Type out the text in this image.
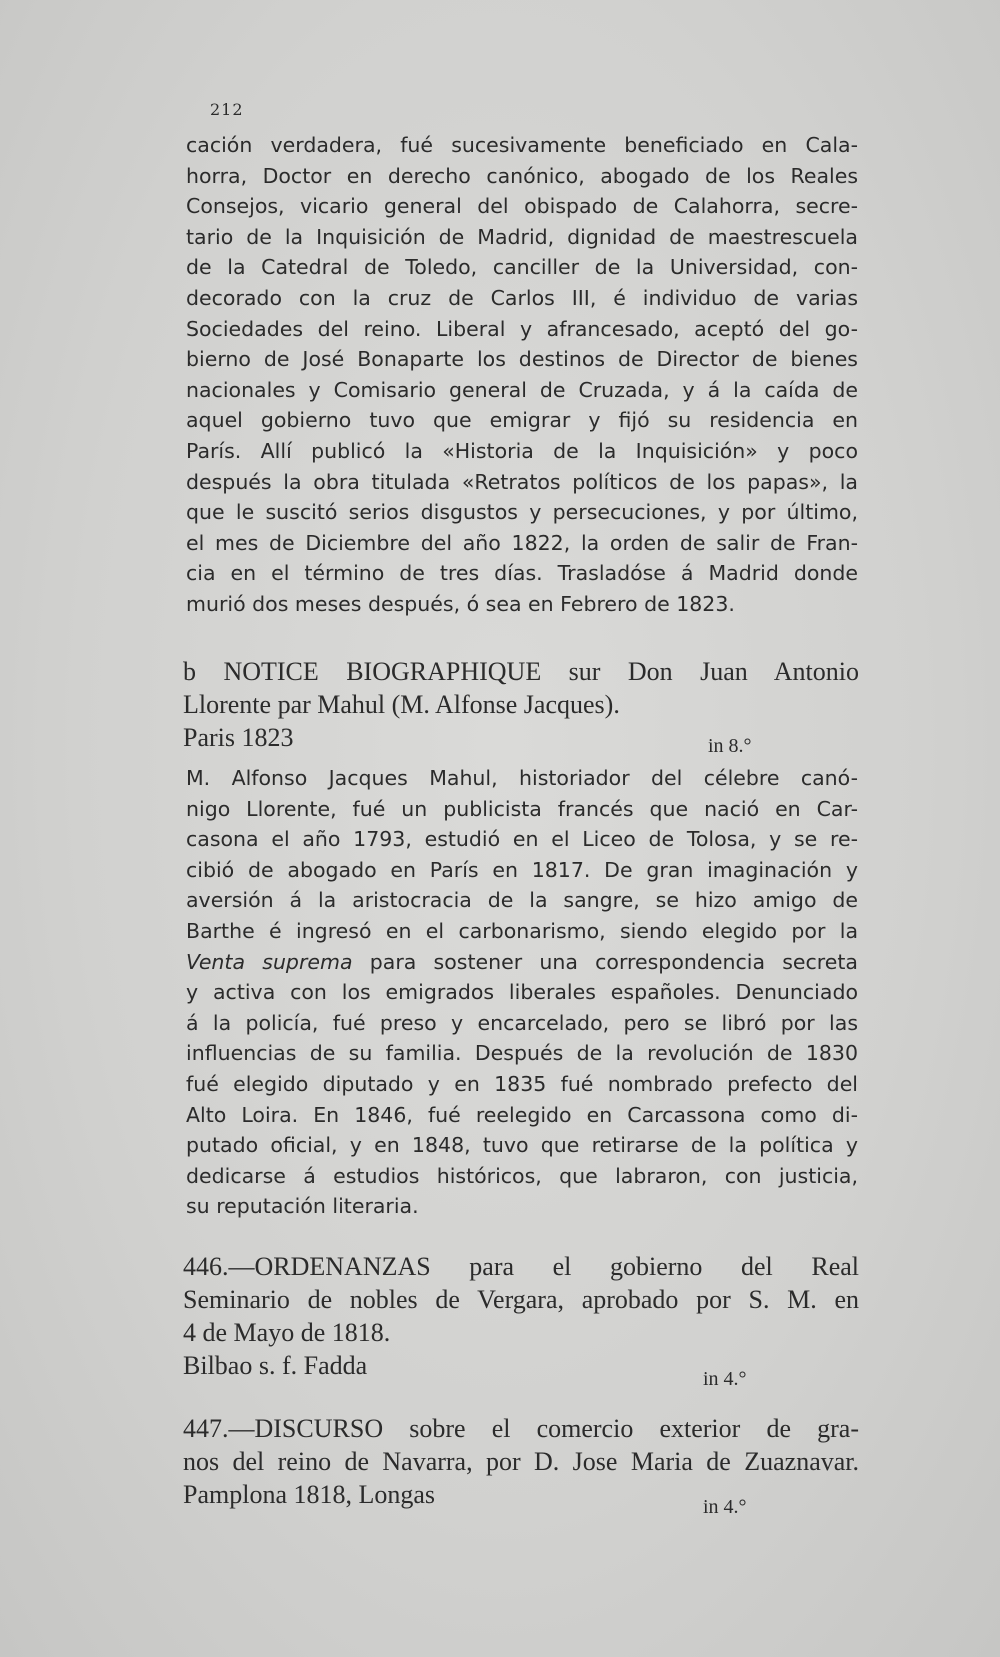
212

cación verdadera, fué sucesivamente beneficiado en Cala-
horra, Doctor en derecho canónico, abogado de los Reales
Consejos, vicario general del obispado de Calahorra, secre-
tario de la Inquisición de Madrid, dignidad de maestrescuela
de la Catedral de Toledo, canciller de la Universidad, con-
decorado con la cruz de Carlos III, é individuo de varias
Sociedades del reino. Liberal y afrancesado, aceptó del go-
bierno de José Bonaparte los destinos de Director de bienes
nacionales y Comisario general de Cruzada, y á la caída de
aquel gobierno tuvo que emigrar y fijó su residencia en
París. Allí publicó la «Historia de la Inquisición» y poco
después la obra titulada «Retratos políticos de los papas», la
que le suscitó serios disgustos y persecuciones, y por último,
el mes de Diciembre del año 1822, la orden de salir de Fran-
cia en el término de tres días. Trasladóse á Madrid donde
murió dos meses después, ó sea en Febrero de 1823.

b NOTICE BIOGRAPHIQUE sur Don Juan Antonio
Llorente par Mahul (M. Alfonse Jacques).
Paris 1823	in 8.°

M. Alfonso Jacques Mahul, historiador del célebre canó-
nigo Llorente, fué un publicista francés que nació en Car-
casona el año 1793, estudió en el Liceo de Tolosa, y se re-
cibió de abogado en París en 1817. De gran imaginación y
aversión á la aristocracia de la sangre, se hizo amigo de
Barthe é ingresó en el carbonarismo, siendo elegido por la
Venta suprema para sostener una correspondencia secreta
y activa con los emigrados liberales españoles. Denunciado
á la policía, fué preso y encarcelado, pero se libró por las
influencias de su familia. Después de la revolución de 1830
fué elegido diputado y en 1835 fué nombrado prefecto del
Alto Loira. En 1846, fué reelegido en Carcassona como di-
putado oficial, y en 1848, tuvo que retirarse de la política y
dedicarse á estudios históricos, que labraron, con justicia,
su reputación literaria.

446.—ORDENANZAS para el gobierno del Real
Seminario de nobles de Vergara, aprobado por S. M. en
4 de Mayo de 1818.
Bilbao s. f. Fadda	in 4.°
447.—DISCURSO sobre el comercio exterior de gra-
nos del reino de Navarra, por D. Jose Maria de Zuaznavar.
Pamplona 1818, Longas	in 4.°
